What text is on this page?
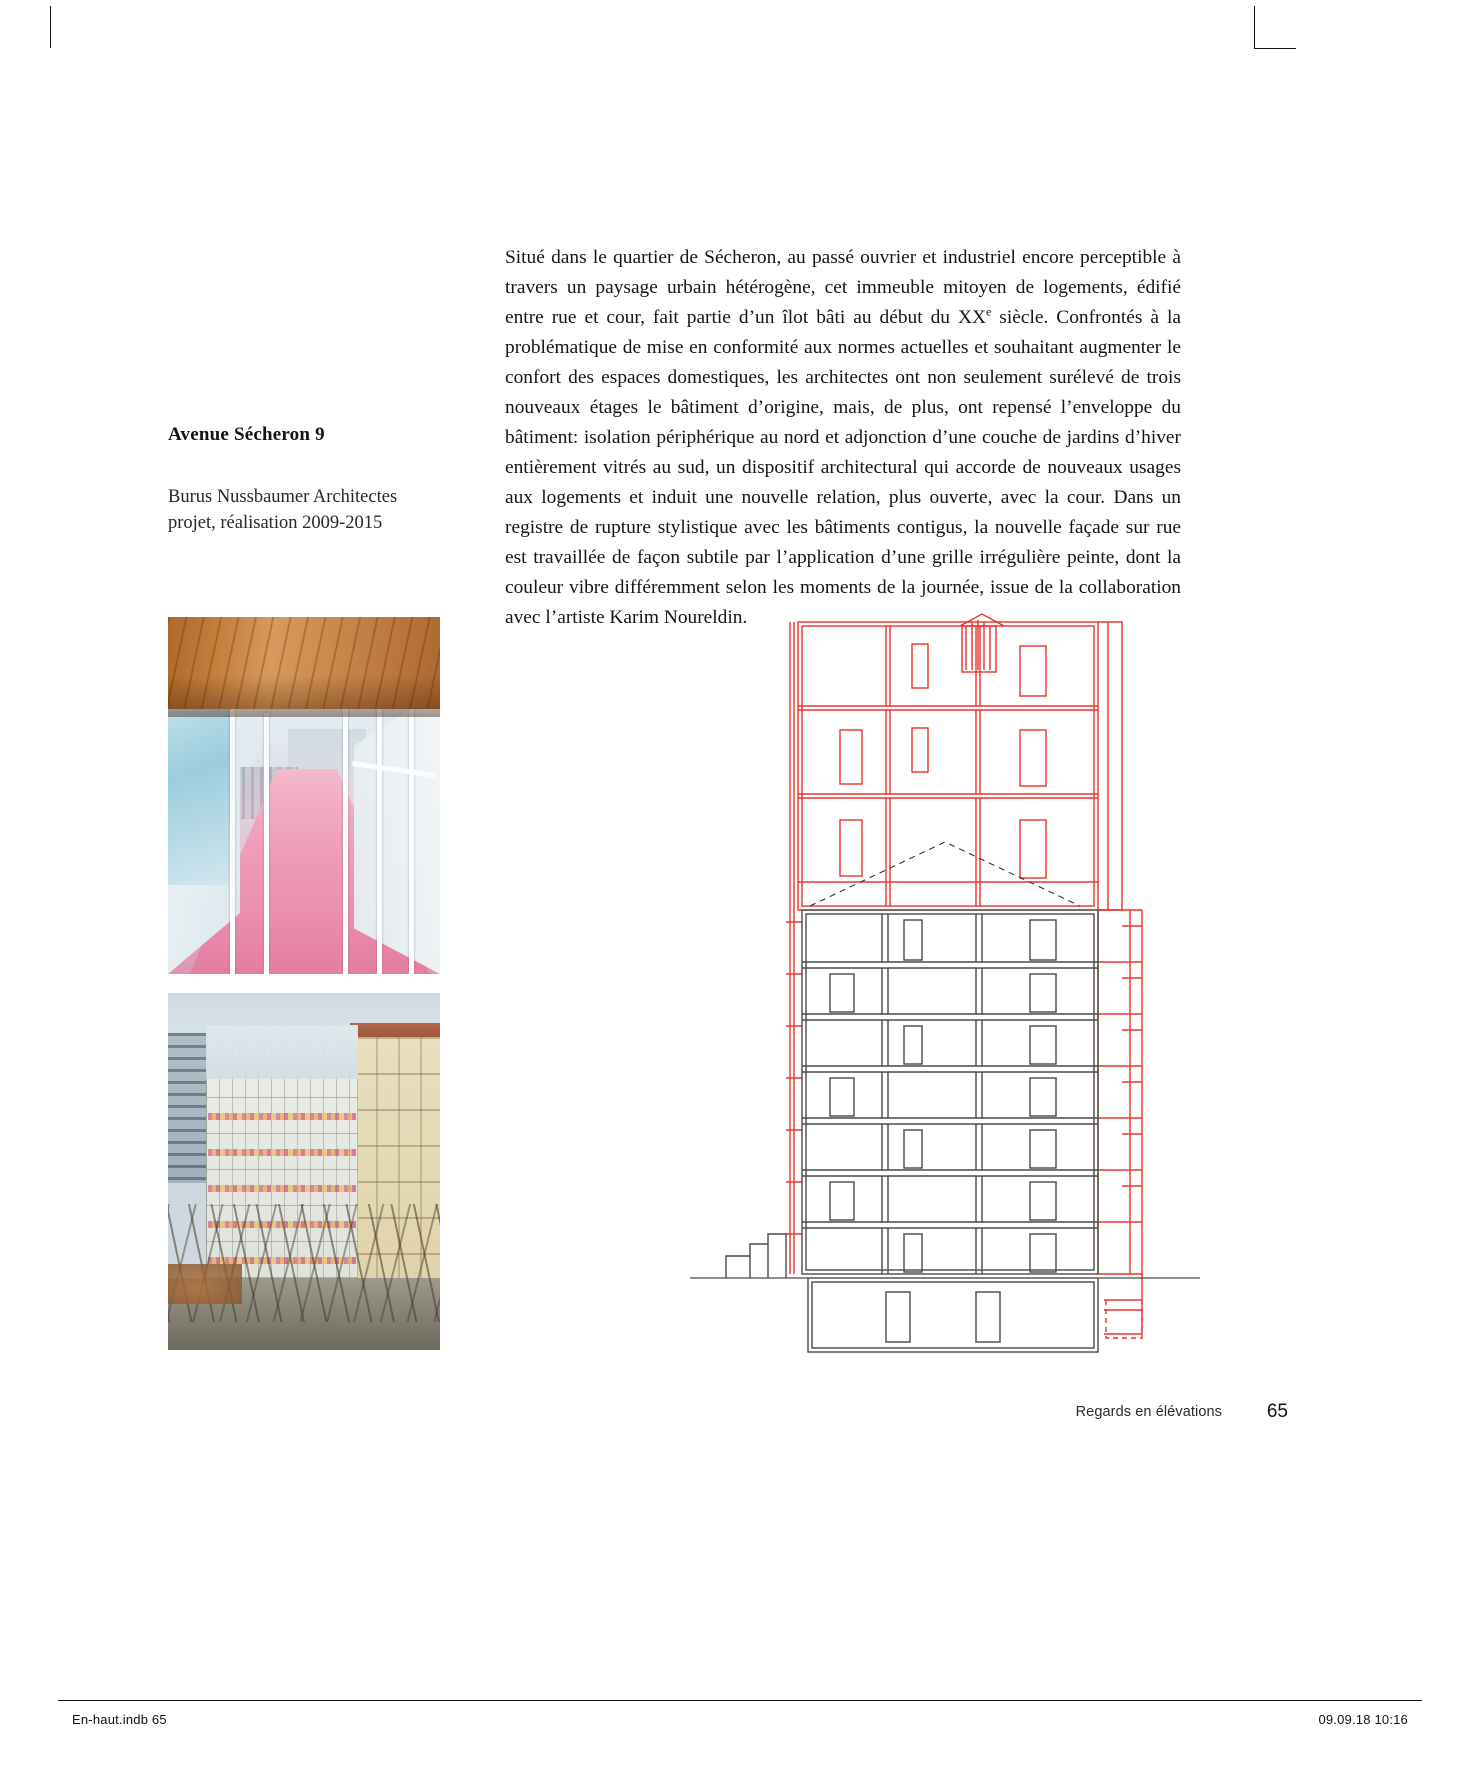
Avenue Sécheron 9
Burus Nussbaumer Architectes
projet, réalisation 2009-2015

Situé dans le quartier de Sécheron, au passé ouvrier et industriel encore perceptible à travers un paysage urbain hétérogène, cet immeuble mitoyen de logements, édifié entre rue et cour, fait partie d’un îlot bâti au début du XXe siècle. Confrontés à la problématique de mise en conformité aux normes actuelles et souhaitant augmenter le confort des espaces domestiques, les architectes ont non seulement surélevé de trois nouveaux étages le bâtiment d’origine, mais, de plus, ont repensé l’enveloppe du bâtiment: isolation périphérique au nord et adjonction d’une couche de jardins d’hiver entièrement vitrés au sud, un dispositif architectural qui accorde de nouveaux usages aux logements et induit une nouvelle relation, plus ouverte, avec la cour. Dans un registre de rupture stylistique avec les bâtiments contigus, la nouvelle façade sur rue est travaillée de façon subtile par l’application d’une grille irrégulière peinte, dont la couleur vibre différemment selon les moments de la journée, issue de la collaboration avec l’artiste Karim Noureldin.

Regards en élévations 65
En-haut.indb 65	09.09.18 10:16
